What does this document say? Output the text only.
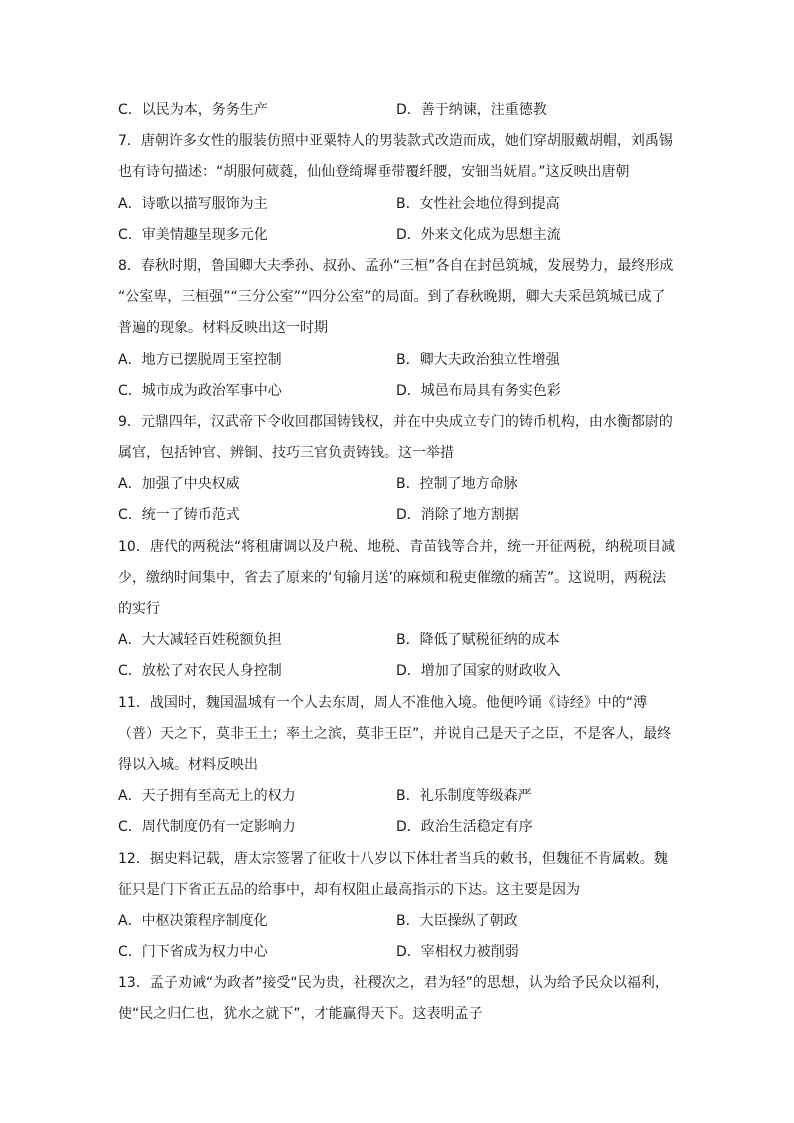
C．以民为本，务务生产	D．善于纳谏，注重德教
7．唐朝许多女性的服装仿照中亚粟特人的男装款式改造而成，她们穿胡服戴胡帽，刘禹锡
也有诗句描述：“胡服何葳蕤，仙仙登绮墀垂带覆纤腰，安钿当妩眉。”这反映出唐朝
A．诗歌以描写服饰为主	B．女性社会地位得到提高
C．审美情趣呈现多元化	D．外来文化成为思想主流
8．春秋时期，鲁国卿大夫季孙、叔孙、孟孙“三桓”各自在封邑筑城，发展势力，最终形成
“公室卑，三桓强”“三分公室”“四分公室”的局面。到了春秋晚期，卿大夫采邑筑城已成了
普遍的现象。材料反映出这一时期
A．地方已摆脱周王室控制	B．卿大夫政治独立性增强
C．城市成为政治军事中心	D．城邑布局具有务实色彩
9．元鼎四年，汉武帝下令收回郡国铸钱权，并在中央成立专门的铸币机构，由水衡都尉的
属官，包括钟官、辨铜、技巧三官负责铸钱。这一举措
A．加强了中央权威	B．控制了地方命脉
C．统一了铸币范式	D．消除了地方割据
10．唐代的两税法“将租庸调以及户税、地税、青苗钱等合并，统一开征两税，纳税项目减
少，缴纳时间集中，省去了原来的‘旬输月送’的麻烦和税吏催缴的痛苦”。这说明，两税法
的实行
A．大大减轻百姓税额负担	B．降低了赋税征纳的成本
C．放松了对农民人身控制	D．增加了国家的财政收入
11．战国时，魏国温城有一个人去东周，周人不准他入境。他便吟诵《诗经》中的“溥
（普）天之下，莫非王土；率土之滨，莫非王臣”，并说自己是天子之臣，不是客人，最终
得以入城。材料反映出
A．天子拥有至高无上的权力	B．礼乐制度等级森严
C．周代制度仍有一定影响力	D．政治生活稳定有序
12．据史料记载，唐太宗签署了征收十八岁以下体壮者当兵的敕书，但魏征不肯属敕。魏
征只是门下省正五品的给事中，却有权阻止最高指示的下达。这主要是因为
A．中枢决策程序制度化	B．大臣操纵了朝政
C．门下省成为权力中心	D．宰相权力被削弱
13．孟子劝诫“为政者”接受“民为贵，社稷次之，君为轻”的思想，认为给予民众以福利，
使“民之归仁也，犹水之就下”，才能赢得天下。这表明孟子
